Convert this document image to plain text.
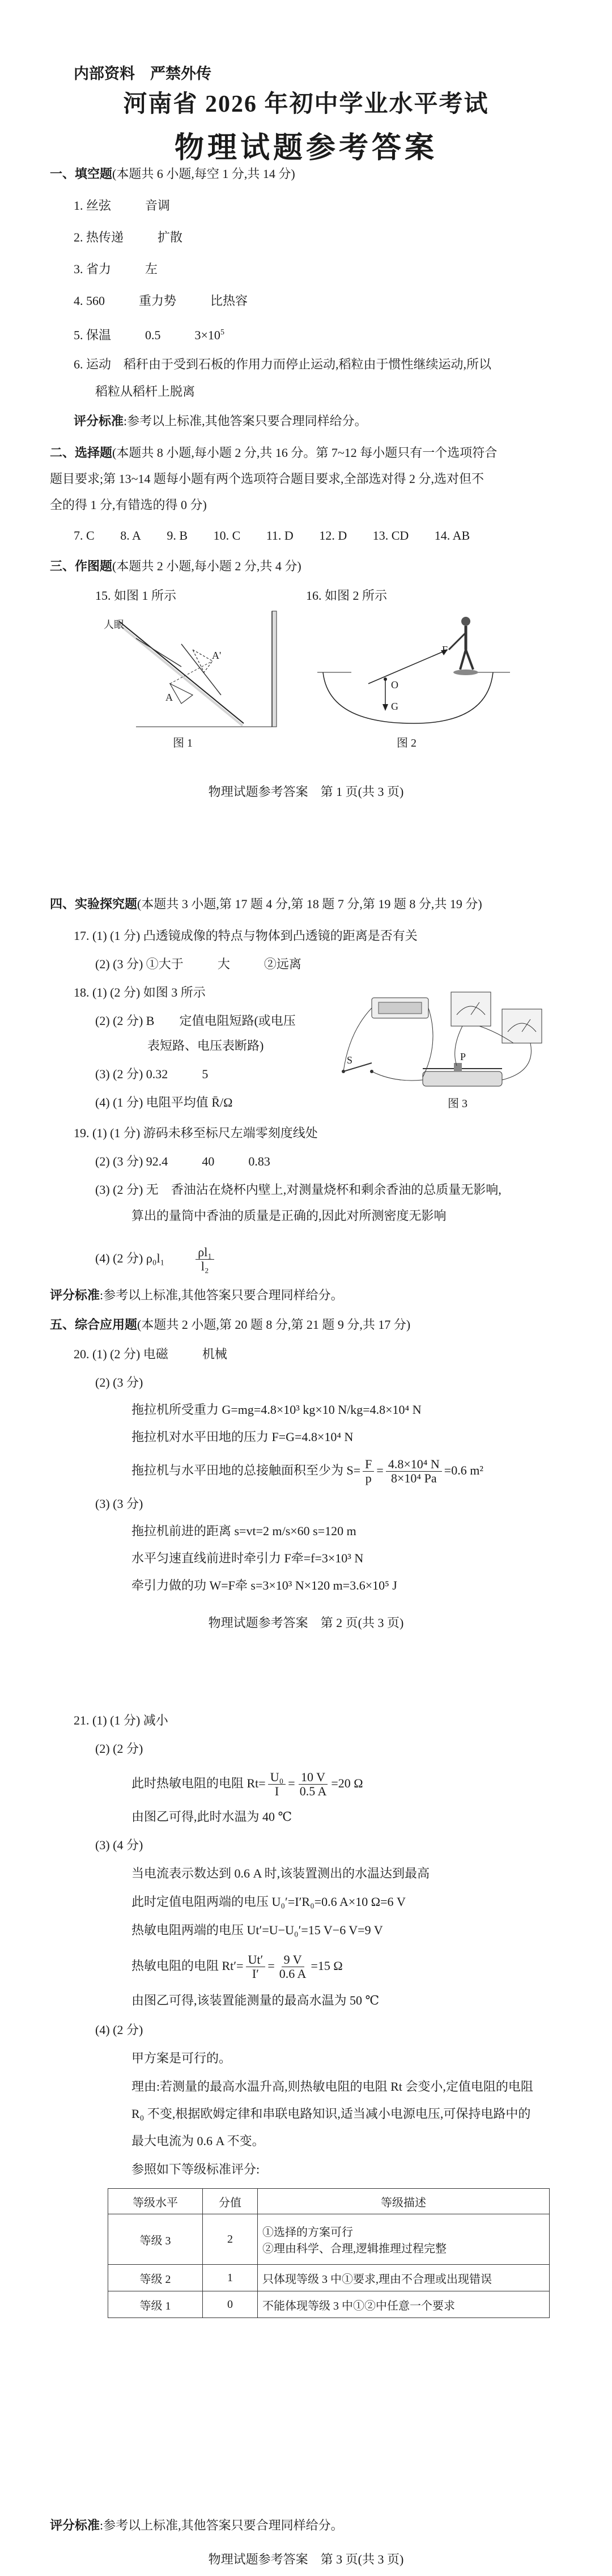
内部资料　严禁外传
河南省 2026 年初中学业水平考试
物理试题参考答案
一、填空题(本题共 6 小题,每空 1 分,共 14 分)
1. 丝弦	音调
2. 热传递	扩散
3. 省力	左
4. 560	重力势	比热容
5. 保温	0.5	$3\times 10^5$
6. 运动　稻秆由于受到石板的作用力而停止运动,稻粒由于惯性继续运动,所以
稻粒从稻杆上脱离
评分标准:参考以上标准,其他答案只要合理同样给分。
二、选择题(本题共 8 小题,每小题 2 分,共 16 分。第 7~12 每小题只有一个选项符合
题目要求;第 13~14 题每小题有两个选项符合题目要求,全部选对得 2 分,选对但不
全的得 1 分,有错选的得 0 分)
7. C 8. A 9. B 10. C 11. D 12. D 13. CD 14. AB
三、作图题(本题共 2 小题,每小题 2 分,共 4 分)
15. 如图 1 所示	16. 如图 2 所示
人眼
A
A'
图 1
F
O
G
图 2
物理试题参考答案　第 1 页(共 3 页)
四、实验探究题(本题共 3 小题,第 17 题 4 分,第 18 题 7 分,第 19 题 8 分,共 19 分)
17. (1) (1 分) 凸透镜成像的特点与物体到凸透镜的距离是否有关
(2) (3 分) ①大于	大	②远离
18. (1) (2 分) 如图 3 所示
(2) (2 分) B　　定值电阻短路(或电压
表短路、电压表断路)
(3) (2 分) 0.32	5
(4) (1 分) 电阻平均值 R̄/Ω
S	P
图 3
19. (1) (1 分) 游码未移至标尺左端零刻度线处
(2) (3 分) 92.4	40	0.83
(3) (2 分) 无　香油沾在烧杯内壁上,对测量烧杯和剩余香油的总质量无影响,
算出的量筒中香油的质量是正确的,因此对所测密度无影响
(4) (2 分) ρ₀l₁	$\frac{\text{ρl₁}}{\text{l₂}}$
评分标准:参考以上标准,其他答案只要合理同样给分。
五、综合应用题(本题共 2 小题,第 20 题 8 分,第 21 题 9 分,共 17 分)
20. (1) (2 分) 电磁	机械
(2) (3 分)
拖拉机所受重力 G=mg=4.8×10³ kg×10 N/kg=4.8×10⁴ N
拖拉机对水平田地的压力 F=G=4.8×10⁴ N
拖拉机与水平田地的总接触面积至少为 $S= \frac{F}{p} = \frac{\text{4.8×10⁴ N}}{\text{8×10⁴ Pa}} =0.6$ m²
(3) (3 分)
拖拉机前进的距离 s=vt=2 m/s×60 s=120 m
水平匀速直线前进时牵引力 F牵=f=3×10³ N
牵引力做的功 W=F牵 s=3×10³ N×120 m=3.6×10⁵ J
物理试题参考答案　第 2 页(共 3 页)
21. (1) (1 分) 减小
(2) (2 分)
此时热敏电阻的电阻 $Rt= \frac{\text{U₀}}{I} = \frac{10 V}{0.5 A} =20$ Ω
由图乙可得,此时水温为 40 ℃
(3) (4 分)
当电流表示数达到 0.6 A 时,该装置测出的水温达到最高
此时定值电阻两端的电压 U₀′=I′R₀=0.6 A×10 Ω=6 V
热敏电阻两端的电压 Ut′=U−U₀′=15 V−6 V=9 V
热敏电阻的电阻 $Rt'= \frac{Ut'}{I'} = \frac{9 V}{0.6 A} =15$ Ω
由图乙可得,该装置能测量的最高水温为 50 ℃
(4) (2 分)
甲方案是可行的。
理由:若测量的最高水温升高,则热敏电阻的电阻 Rt 会变小,定值电阻的电阻
R₀ 不变,根据欧姆定律和串联电路知识,适当减小电源电压,可保持电路中的
最大电流为 0.6 A 不变。
参照如下等级标准评分:
等级水平	分值	等级描述
等级 3	2	①选择的方案可行
②理由科学、合理,逻辑推理过程完整

等级 2	1	只体现等级 3 中①要求,理由不合理或出现错误
等级 1	0	不能体现等级 3 中①②中任意一个要求
评分标准:参考以上标准,其他答案只要合理同样给分。
物理试题参考答案　第 3 页(共 3 页)
